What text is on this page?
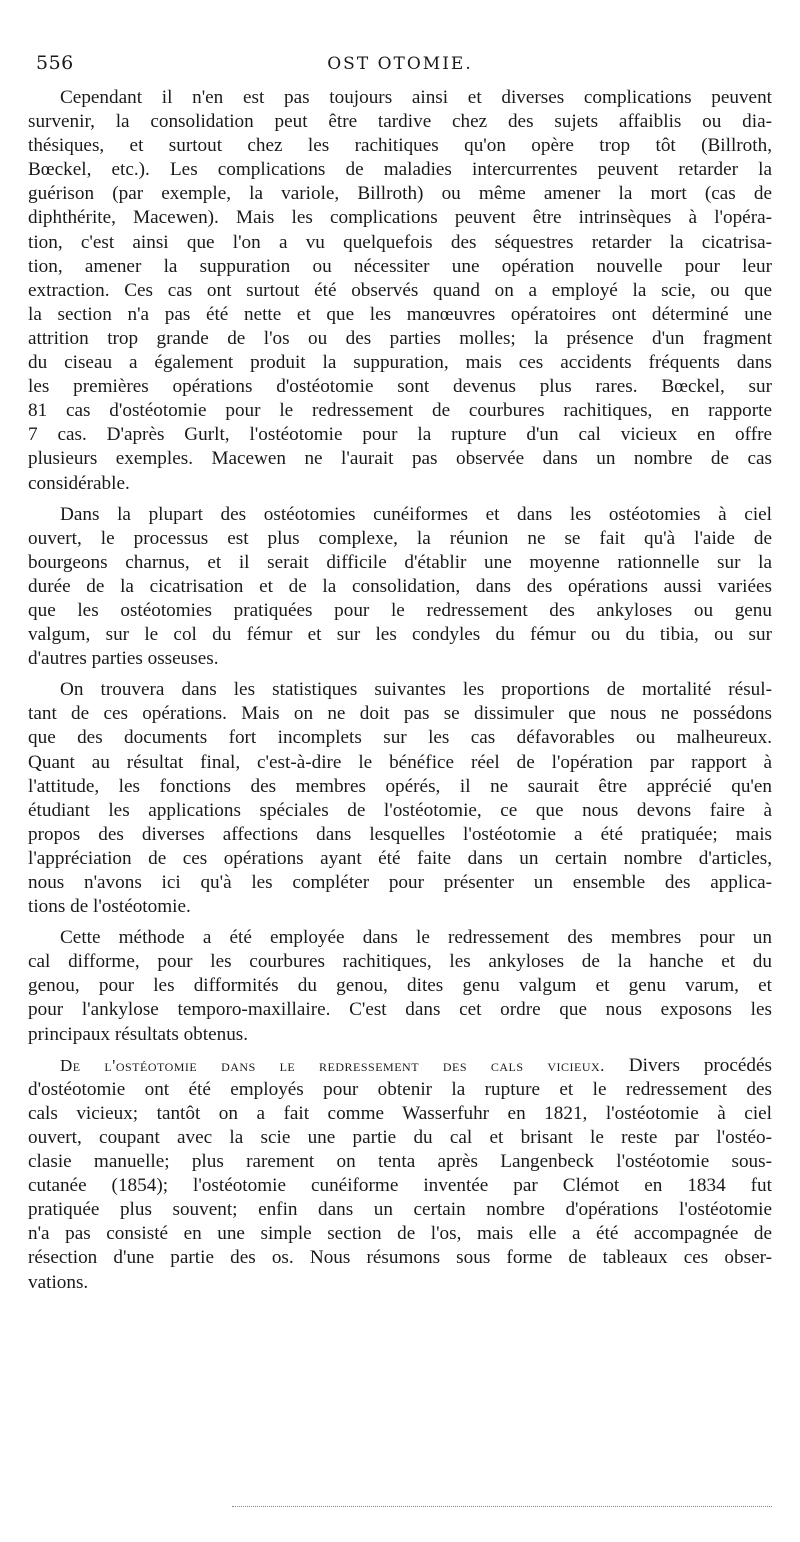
556	OST OTOMIE.
Cependant il n'en est pas toujours ainsi et diverses complications peuvent
survenir, la consolidation peut être tardive chez des sujets affaiblis ou dia-
thésiques, et surtout chez les rachitiques qu'on opère trop tôt (Billroth,
Bœckel, etc.). Les complications de maladies intercurrentes peuvent retarder la
guérison (par exemple, la variole, Billroth) ou même amener la mort (cas de
diphthérite, Macewen). Mais les complications peuvent être intrinsèques à l'opéra-
tion, c'est ainsi que l'on a vu quelquefois des séquestres retarder la cicatrisa-
tion, amener la suppuration ou nécessiter une opération nouvelle pour leur
extraction. Ces cas ont surtout été observés quand on a employé la scie, ou que
la section n'a pas été nette et que les manœuvres opératoires ont déterminé une
attrition trop grande de l'os ou des parties molles; la présence d'un fragment
du ciseau a également produit la suppuration, mais ces accidents fréquents dans
les premières opérations d'ostéotomie sont devenus plus rares. Bœckel, sur
81 cas d'ostéotomie pour le redressement de courbures rachitiques, en rapporte
7 cas. D'après Gurlt, l'ostéotomie pour la rupture d'un cal vicieux en offre
plusieurs exemples. Macewen ne l'aurait pas observée dans un nombre de cas
considérable.
Dans la plupart des ostéotomies cunéiformes et dans les ostéotomies à ciel
ouvert, le processus est plus complexe, la réunion ne se fait qu'à l'aide de
bourgeons charnus, et il serait difficile d'établir une moyenne rationnelle sur la
durée de la cicatrisation et de la consolidation, dans des opérations aussi variées
que les ostéotomies pratiquées pour le redressement des ankyloses ou genu
valgum, sur le col du fémur et sur les condyles du fémur ou du tibia, ou sur
d'autres parties osseuses.
On trouvera dans les statistiques suivantes les proportions de mortalité résul-
tant de ces opérations. Mais on ne doit pas se dissimuler que nous ne possédons
que des documents fort incomplets sur les cas défavorables ou malheureux.
Quant au résultat final, c'est-à-dire le bénéfice réel de l'opération par rapport à
l'attitude, les fonctions des membres opérés, il ne saurait être apprécié qu'en
étudiant les applications spéciales de l'ostéotomie, ce que nous devons faire à
propos des diverses affections dans lesquelles l'ostéotomie a été pratiquée; mais
l'appréciation de ces opérations ayant été faite dans un certain nombre d'articles,
nous n'avons ici qu'à les compléter pour présenter un ensemble des applica-
tions de l'ostéotomie.
Cette méthode a été employée dans le redressement des membres pour un
cal difforme, pour les courbures rachitiques, les ankyloses de la hanche et du
genou, pour les difformités du genou, dites genu valgum et genu varum, et
pour l'ankylose temporo-maxillaire. C'est dans cet ordre que nous exposons les
principaux résultats obtenus.
De l'ostéotomie dans le redressement des cals vicieux. Divers procédés
d'ostéotomie ont été employés pour obtenir la rupture et le redressement des
cals vicieux; tantôt on a fait comme Wasserfuhr en 1821, l'ostéotomie à ciel
ouvert, coupant avec la scie une partie du cal et brisant le reste par l'ostéo-
clasie manuelle; plus rarement on tenta après Langenbeck l'ostéotomie sous-
cutanée (1854); l'ostéotomie cunéiforme inventée par Clémot en 1834 fut
pratiquée plus souvent; enfin dans un certain nombre d'opérations l'ostéotomie
n'a pas consisté en une simple section de l'os, mais elle a été accompagnée de
résection d'une partie des os. Nous résumons sous forme de tableaux ces obser-
vations.
